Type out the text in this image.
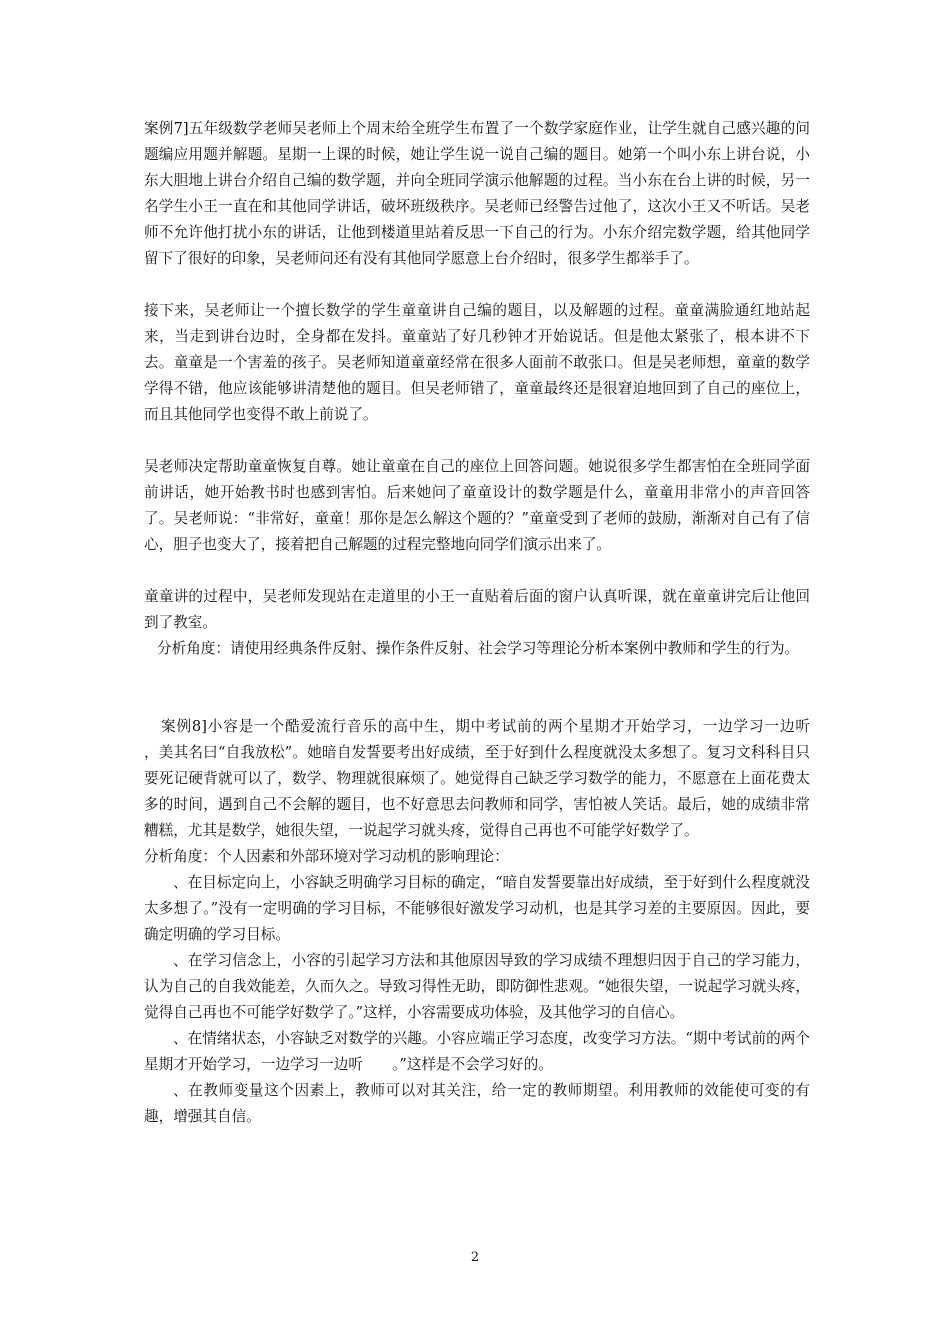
案例7]五年级数学老师吴老师上个周末给全班学生布置了一个数学家庭作业，让学生就自己感兴趣的问题编应用题并解题。星期一上课的时候，她让学生说一说自己编的题目。她第一个叫小东上讲台说，小东大胆地上讲台介绍自己编的数学题，并向全班同学演示他解题的过程。当小东在台上讲的时候，另一名学生小王一直在和其他同学讲话，破坏班级秩序。吴老师已经警告过他了，这次小王又不听话。吴老师不允许他打扰小东的讲话，让他到楼道里站着反思一下自己的行为。小东介绍完数学题，给其他同学留下了很好的印象，吴老师问还有没有其他同学愿意上台介绍时，很多学生都举手了。

接下来，吴老师让一个擅长数学的学生童童讲自己编的题目，以及解题的过程。童童满脸通红地站起来，当走到讲台边时，全身都在发抖。童童站了好几秒钟才开始说话。但是他太紧张了，根本讲不下去。童童是一个害羞的孩子。吴老师知道童童经常在很多人面前不敢张口。但是吴老师想，童童的数学学得不错，他应该能够讲清楚他的题目。但吴老师错了，童童最终还是很窘迫地回到了自己的座位上，而且其他同学也变得不敢上前说了。

吴老师决定帮助童童恢复自尊。她让童童在自己的座位上回答问题。她说很多学生都害怕在全班同学面前讲话，她开始教书时也感到害怕。后来她问了童童设计的数学题是什么，童童用非常小的声音回答了。吴老师说：“非常好，童童！那你是怎么解这个题的？”童童受到了老师的鼓励，渐渐对自己有了信心，胆子也变大了，接着把自己解题的过程完整地向同学们演示出来了。

童童讲的过程中，吴老师发现站在走道里的小王一直贴着后面的窗户认真听课，就在童童讲完后让他回到了教室。

分析角度：请使用经典条件反射、操作条件反射、社会学习等理论分析本案例中教师和学生的行为。

案例8]小容是一个酷爱流行音乐的高中生，期中考试前的两个星期才开始学习，一边学习一边听　　，美其名曰“自我放松”。她暗自发誓要考出好成绩，至于好到什么程度就没太多想了。复习文科科目只要死记硬背就可以了，数学、物理就很麻烦了。她觉得自己缺乏学习数学的能力，不愿意在上面花费太多的时间，遇到自己不会解的题目，也不好意思去问教师和同学，害怕被人笑话。最后，她的成绩非常糟糕，尤其是数学，她很失望，一说起学习就头疼，觉得自己再也不可能学好数学了。

分析角度：个人因素和外部环境对学习动机的影响理论：

、在目标定向上，小容缺乏明确学习目标的确定，“暗自发誓要靠出好成绩，至于好到什么程度就没太多想了。”没有一定明确的学习目标，不能够很好激发学习动机，也是其学习差的主要原因。因此，要确定明确的学习目标。

、在学习信念上，小容的引起学习方法和其他原因导致的学习成绩不理想归因于自己的学习能力，认为自己的自我效能差，久而久之。导致习得性无助，即防御性悲观。“她很失望，一说起学习就头疼，觉得自己再也不可能学好数学了。”这样，小容需要成功体验，及其他学习的自信心。

、在情绪状态，小容缺乏对数学的兴趣。小容应端正学习态度，改变学习方法。“期中考试前的两个星期才开始学习，一边学习一边听　　。”这样是不会学习好的。

、在教师变量这个因素上，教师可以对其关注，给一定的教师期望。利用教师的效能使可变的有趣，增强其自信。

2
